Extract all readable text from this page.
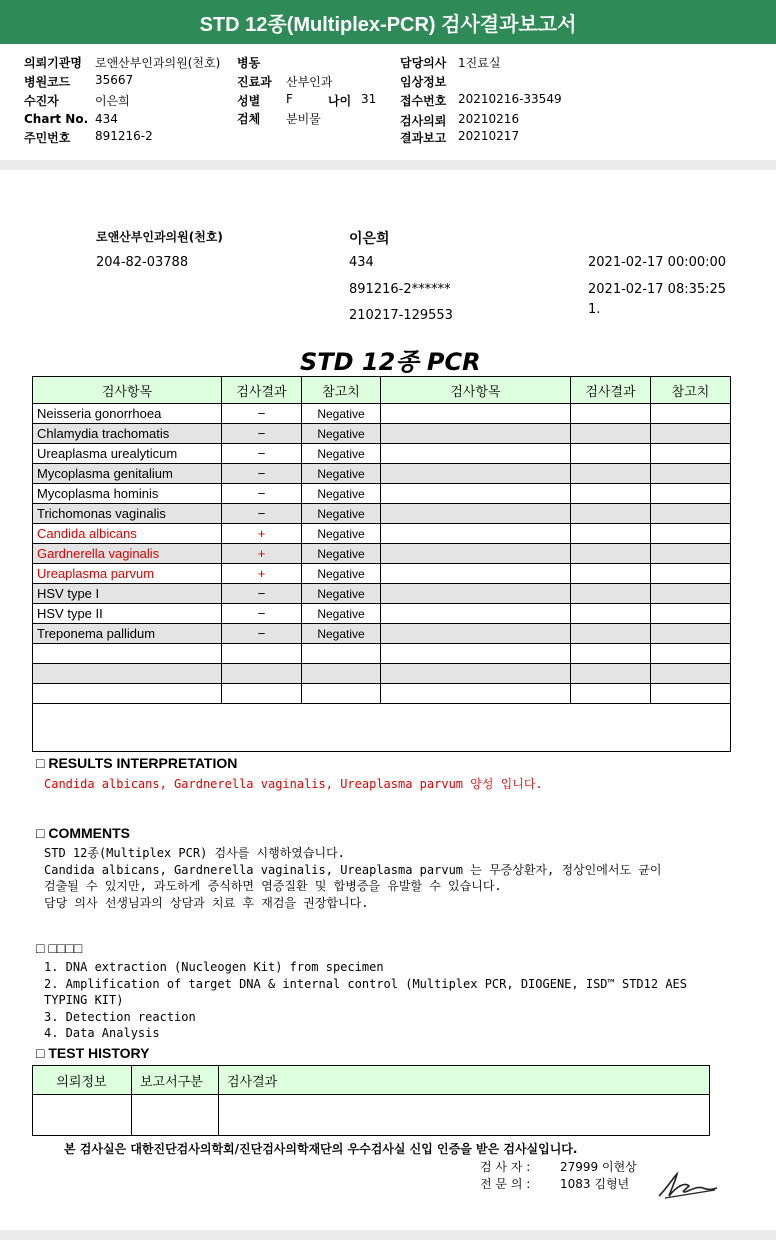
STD 12종(Multiplex-PCR) 검사결과보고서
의뢰기관명 로앤산부인과의원(천호)
병원코드 35667
수진자	이은희
Chart No. 434
주민번호 891216-2
병동
진료과 산부인과
성별 F	나이 31
검체 분비물
담당의사 1진료실
임상정보
접수번호 20210216-33549
검사의뢰 20210216
결과보고 20210217
로앤산부인과의원(천호)
204-82-03788
이은희
434
891216-2******
210217-129553
2021-02-17 00:00:00
2021-02-17 08:35:25
1.
STD 12종 PCR
검사항목	검사결과	참고치	검사항목	검사결과	참고치
Neisseria gonorrhoea	−	Negative			
Chlamydia trachomatis	−	Negative			
Ureaplasma urealyticum	−	Negative			
Mycoplasma genitalium	−	Negative			
Mycoplasma hominis	−	Negative			
Trichomonas vaginalis	−	Negative			
Candida albicans	+	Negative			
Gardnerella vaginalis	+	Negative			
Ureaplasma parvum	+	Negative			
HSV type I	−	Negative			
HSV type II	−	Negative			
Treponema pallidum	−	Negative			

□ RESULTS INTERPRETATION
Candida albicans, Gardnerella vaginalis, Ureaplasma parvum 양성 입니다.
□ COMMENTS
STD 12종(Multiplex PCR) 검사를 시행하였습니다.
Candida albicans, Gardnerella vaginalis, Ureaplasma parvum 는 무증상환자, 정상인에서도 균이
검출될 수 있지만, 과도하게 증식하면 염증질환 및 합병증을 유발할 수 있습니다.
담당 의사 선생님과의 상담과 치료 후 재검을 권장합니다.
□ □□□□
1. DNA extraction (Nucleogen Kit) from specimen
2. Amplification of target DNA & internal control (Multiplex PCR, DIOGENE, ISD™ STD12 AES
TYPING KIT)
3. Detection reaction
4. Data Analysis
□ TEST HISTORY
의뢰정보	보고서구분	검사결과

본 검사실은 대한진단검사의학회/진단검사의학재단의 우수검사실 신입 인증을 받은 검사실입니다.
검 사 자 : 27999 이현상
전 문 의 : 1083 김형년
